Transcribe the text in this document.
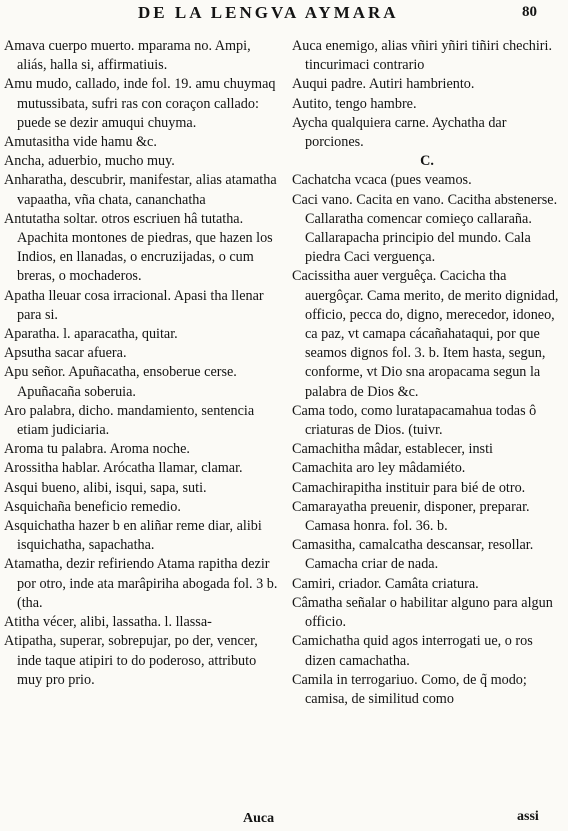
DE LA LENGVA AYMARA	80

Amava cuerpo muerto. mparama no. Ampi, aliás, halla si, affirmatiuis.

Amu mudo, callado, inde fol. 19. amu chuymaq mutussibata, sufri ras con coraçon callado: puede se dezir amuqui chuyma.

Amutasitha vide hamu &c.

Ancha, aduerbio, mucho muy.

Anharatha, descubrir, manifestar, alias atamatha vapaatha, vña chata, cananchatha

Antutatha soltar. otros escriuen hâ tutatha. Apachita montones de piedras, que hazen los Indios, en llanadas, o encruzijadas, o cum breras, o mochaderos.

Apatha lleuar cosa irracional. Apasi tha llenar para si.

Aparatha. l. aparacatha, quitar.

Apsutha sacar afuera.

Apu señor. Apuñacatha, ensoberue cerse. Apuñacaña soberuia.

Aro palabra, dicho. mandamiento, sentencia etiam judiciaria.

Aroma tu palabra. Aroma noche.

Arossitha hablar. Arócatha llamar, clamar.

Asqui bueno, alibi, isqui, sapa, suti.

Asquichaña beneficio remedio.

Asquichatha hazer b en aliñar reme diar, alibi isquichatha, sapachatha.

Atamatha, dezir refiriendo Atama rapitha dezir por otro, inde ata marâpiriha abogada fol. 3 b. (tha.

Atitha vécer, alibi, lassatha. l. llassa-

Atipatha, superar, sobrepujar, po der, vencer, inde taque atipiri to do poderoso, attributo muy pro prio.

Auca enemigo, alias vñiri yñiri tiñiri chechiri. tincurimaci contrario

Auqui padre. Autiri hambriento.

Autito, tengo hambre.

Aycha qualquiera carne. Aychatha dar porciones.

C.

Cachatcha vcaca (pues veamos.

Caci vano. Cacita en vano. Cacitha abstenerse. Callaratha comencar comieço callaraña. Callarapacha principio del mundo. Cala piedra Caci verguença.

Cacissitha auer verguêça. Cacicha tha auergôçar. Cama merito, de merito dignidad, officio, pecca do, digno, merecedor, idoneo, ca paz, vt camapa cácañahataqui, por que seamos dignos fol. 3. b. Item hasta, segun, conforme, vt Dio sna aropacama segun la palabra de Dios &c.

Cama todo, como luratapacamahua todas ô criaturas de Dios. (tuivr.

Camachitha mâdar, establecer, insti

Camachita aro ley mâdamiéto.

Camachirapitha instituir para bié de otro.

Camarayatha preuenir, disponer, preparar. Camasa honra. fol. 36. b.

Camasitha, camalcatha descansar, resollar. Camacha criar de nada.

Camiri, criador. Camâta criatura.

Câmatha señalar o habilitar alguno para algun officio.

Camichatha quid agos interrogati ue, o ros dizen camachatha.

Camila in terrogariuo. Como, de q̃ modo; camisa, de similitud como

Auca	assi
